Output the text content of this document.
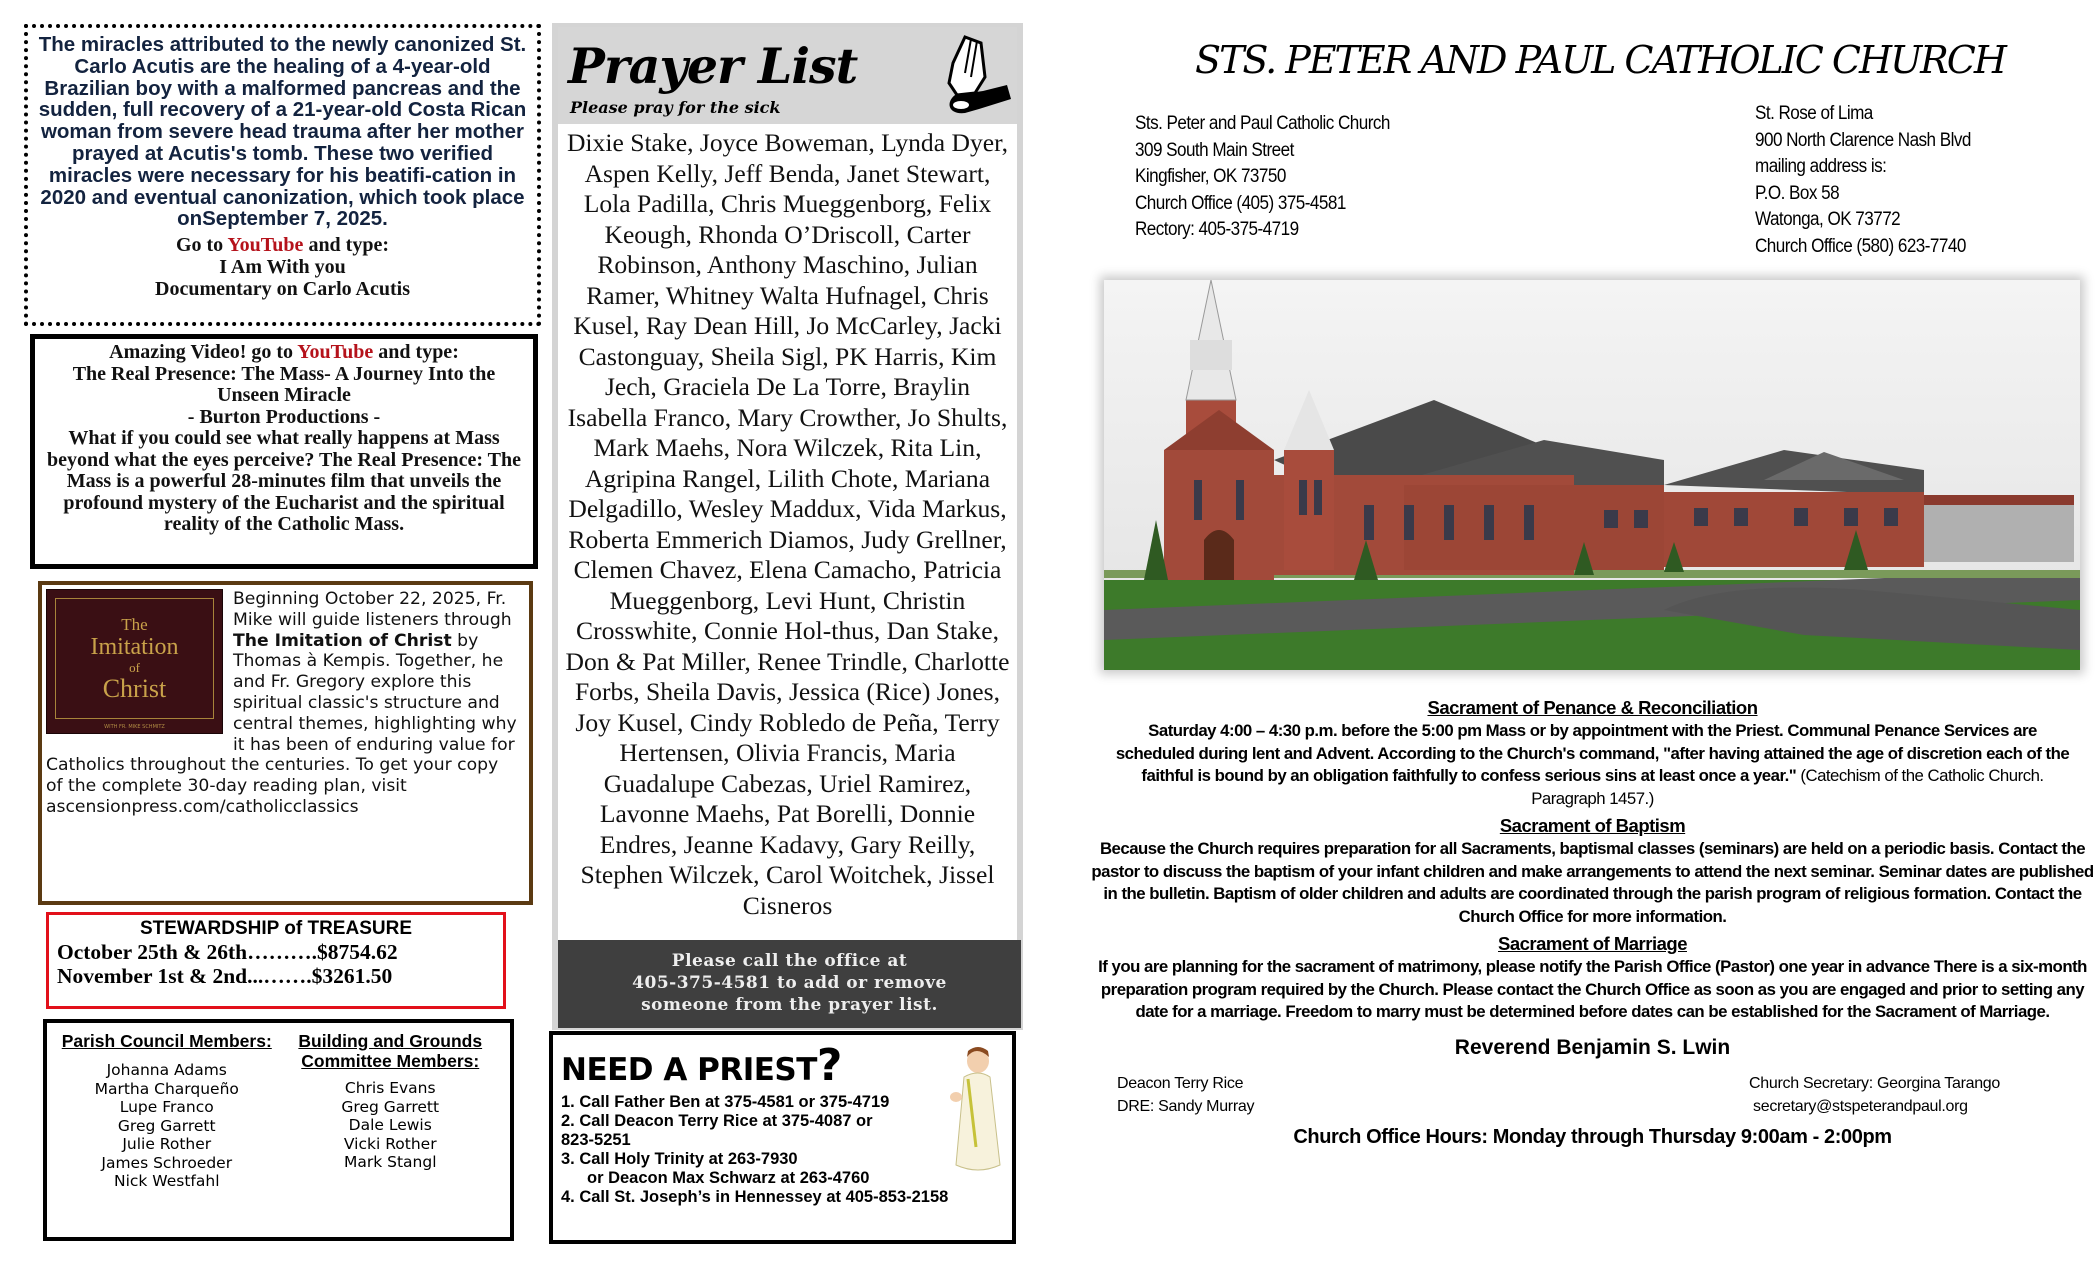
The miracles attributed to the newly canonized St. Carlo Acutis are the healing of a 4-year-old Brazilian boy with a malformed pancreas and the sudden, full recovery of a 21-year-old Costa Rican woman from severe head trauma after her mother prayed at Acutis's tomb. These two verified miracles were necessary for his beatifi-cation in 2020 and eventual canonization, which took place onSeptember 7, 2025.
Go to YouTube and type:
I Am With you
Documentary on Carlo Acutis
Amazing Video! go to YouTube and type:
The Real Presence: The Mass- A Journey Into the Unseen Miracle
- Burton Productions -
What if you could see what really happens at Mass beyond what the eyes perceive? The Real Presence: The Mass is a powerful 28-minutes film that unveils the profound mystery of the Eucharist and the spiritual reality of the Catholic Mass.
The
Imitation
of
Christ
WITH FR. MIKE SCHMITZ
Beginning October 22, 2025, Fr. Mike will guide listeners through The Imitation of Christ by Thomas à Kempis. Together, he and Fr. Gregory explore this spiritual classic's structure and central themes, highlighting why it has been of enduring value for Catholics throughout the centuries. To get your copy of the complete 30-day reading plan, visit ascensionpress.com/catholicclassics
STEWARDSHIP of TREASURE
October 25th & 26th……….$8754.62
November 1st & 2nd...…….$3261.50
Parish Council Members:
Johanna Adams
Martha Charqueño
Lupe Franco
Greg Garrett
Julie Rother
James Schroeder
Nick Westfahl
Building and Grounds Committee Members:
Chris Evans
Greg Garrett
Dale Lewis
Vicki Rother
Mark Stangl
Prayer List
Please pray for the sick
Dixie Stake, Joyce Boweman, Lynda Dyer, Aspen Kelly, Jeff Benda, Janet Stewart, Lola Padilla, Chris Mueggenborg, Felix Keough, Rhonda O’Driscoll, Carter Robinson, Anthony Maschino, Julian Ramer, Whitney Walta Hufnagel, Chris Kusel, Ray Dean Hill, Jo McCarley, Jacki Castonguay, Sheila Sigl, PK Harris, Kim Jech, Graciela De La Torre, Braylin Isabella Franco, Mary Crowther, Jo Shults, Mark Maehs, Nora Wilczek, Rita Lin, Agripina Rangel, Lilith Chote, Mariana Delgadillo, Wesley Maddux, Vida Markus, Roberta Emmerich Diamos, Judy Grellner, Clemen Chavez, Elena Camacho, Patricia Mueggenborg, Levi Hunt, Christin Crosswhite, Connie Hol-thus, Dan Stake, Don & Pat Miller, Renee Trindle, Charlotte Forbs, Sheila Davis, Jessica (Rice) Jones, Joy Kusel, Cindy Robledo de Peña, Terry Hertensen, Olivia Francis, Maria Guadalupe Cabezas, Uriel Ramirez, Lavonne Maehs, Pat Borelli, Donnie Endres, Jeanne Kadavy, Gary Reilly, Stephen Wilczek, Carol Woitchek, Jissel Cisneros
Please call the office at
405-375-4581 to add or remove
someone from the prayer list.
NEED A PRIEST?
1. Call Father Ben at 375-4581 or 375-4719
2. Call Deacon Terry Rice at 375-4087 or
823-5251
3. Call Holy Trinity at 263-7930
or Deacon Max Schwarz at 263-4760
4. Call St. Joseph’s in Hennessey at 405-853-2158
STS. PETER AND PAUL CATHOLIC CHURCH
Sts. Peter and Paul Catholic Church
309 South Main Street
Kingfisher, OK 73750
Church Office (405) 375-4581
Rectory: 405-375-4719
St. Rose of Lima
900 North Clarence Nash Blvd
mailing address is:
P.O. Box 58
Watonga, OK 73772
Church Office (580) 623-7740
Sacrament of Penance & Reconciliation
Saturday 4:00 – 4:30 p.m. before the 5:00 pm Mass or by appointment with the Priest. Communal Penance Services are scheduled during lent and Advent. According to the Church's command, "after having attained the age of discretion each of the faithful is bound by an obligation faithfully to confess serious sins at least once a year." (Catechism of the Catholic Church. Paragraph 1457.)
Sacrament of Baptism
Because the Church requires preparation for all Sacraments, baptismal classes (seminars) are held on a periodic basis. Contact the pastor to discuss the baptism of your infant children and make arrangements to attend the next seminar. Seminar dates are published in the bulletin. Baptism of older children and adults are coordinated through the parish program of religious formation. Contact the Church Office for more information.
Sacrament of Marriage
If you are planning for the sacrament of matrimony, please notify the Parish Office (Pastor) one year in advance There is a six-month preparation program required by the Church. Please contact the Church Office as soon as you are engaged and prior to setting any date for a marriage. Freedom to marry must be determined before dates can be established for the Sacrament of Marriage.
Reverend Benjamin S. Lwin
Deacon Terry Rice
DRE: Sandy Murray
Church Secretary: Georgina Tarango
secretary@stspeterandpaul.org
Church Office Hours: Monday through Thursday 9:00am - 2:00pm
